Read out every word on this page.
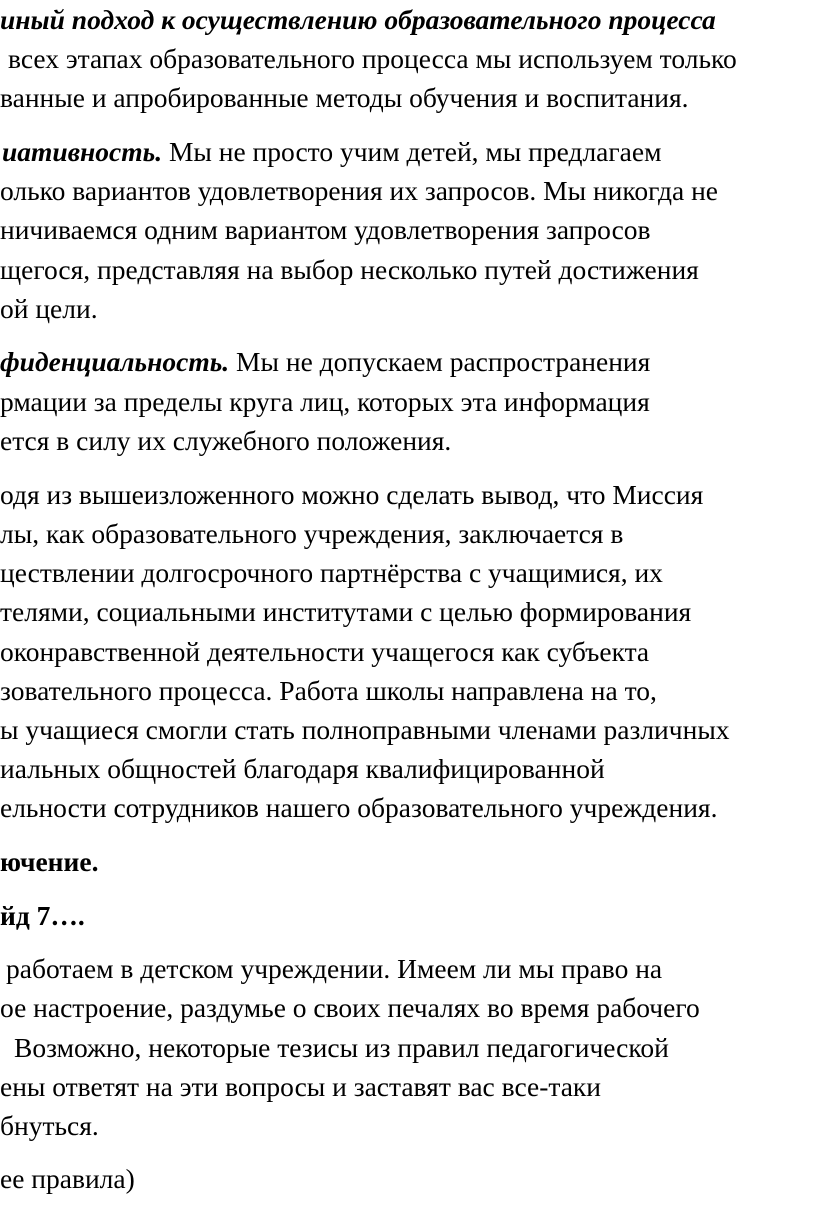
иный подход к осуществлению образовательного процесса
всех этапах образовательного процесса мы используем только
ванные и апробированные методы обучения и воспитания.
иативность. Мы не просто учим детей, мы предлагаем
олько вариантов удовлетворения их запросов. Мы никогда не
ничиваемся одним вариантом удовлетворения запросов
щегося, представляя на выбор несколько путей достижения
ой цели.
фиденциальность. Мы не допускаем распространения
рмации за пределы круга лиц, которых эта информация
ется в силу их служебного положения.
одя из вышеизложенного можно сделать вывод, что Миссия
лы, как образовательного учреждения, заключается в
цествлении долгосрочного партнёрства с учащимися, их
телями, социальными институтами с целью формирования
оконравственной деятельности учащегося как субъекта
зовательного процесса. Работа школы направлена на то,
ы учащиеся смогли стать полноправными членами различных
иальных общностей благодаря квалифицированной
ельности сотрудников нашего образовательного учреждения.
ючение.
йд 7….
работаем в детском учреждении. Имеем ли мы право на
ое настроение, раздумье о своих печалях во время рабочего
Возможно, некоторые тезисы из правил педагогической
ены ответят на эти вопросы и заставят вас все-таки
бнуться.
ее правила)
